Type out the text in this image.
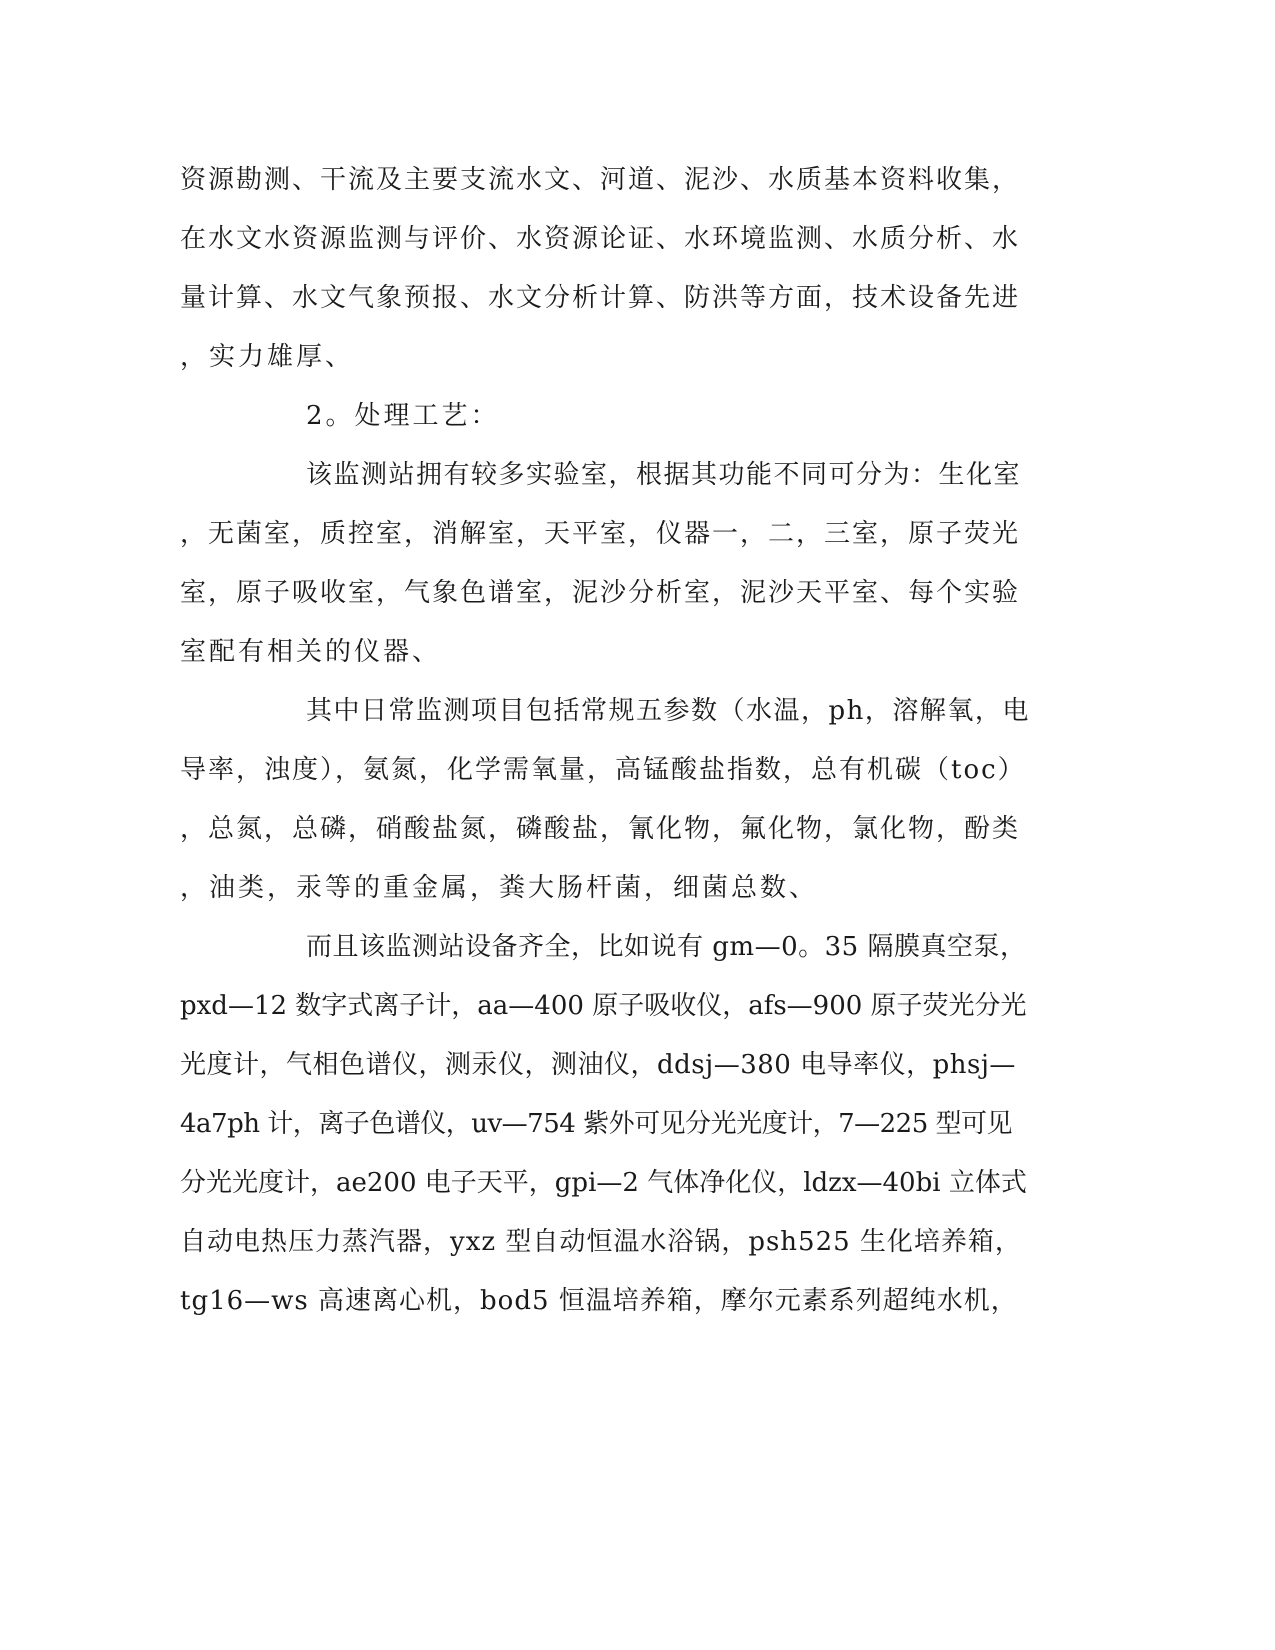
资源勘测、干流及主要支流水文、河道、泥沙、水质基本资料收集，

在水文水资源监测与评价、水资源论证、水环境监测、水质分析、水

量计算、水文气象预报、水文分析计算、防洪等方面，技术设备先进

，实力雄厚、

2。处理工艺：

该监测站拥有较多实验室，根据其功能不同可分为：生化室

，无菌室，质控室，消解室，天平室，仪器一，二，三室，原子荧光

室，原子吸收室，气象色谱室，泥沙分析室，泥沙天平室、每个实验

室配有相关的仪器、

其中日常监测项目包括常规五参数（水温，ph，溶解氧，电

导率，浊度），氨氮，化学需氧量，高锰酸盐指数，总有机碳（toc）

，总氮，总磷，硝酸盐氮，磷酸盐，氰化物，氟化物，氯化物，酚类

，油类，汞等的重金属，粪大肠杆菌，细菌总数、

而且该监测站设备齐全，比如说有 gm—0。35 隔膜真空泵，

pxd—12 数字式离子计，aa—400 原子吸收仪，afs—900 原子荧光分光

光度计，气相色谱仪，测汞仪，测油仪，ddsj—380 电导率仪，phsj—

4a7ph 计，离子色谱仪，uv—754 紫外可见分光光度计，7—225 型可见

分光光度计，ae200 电子天平，gpi—2 气体净化仪，ldzx—40bi 立体式

自动电热压力蒸汽器，yxz 型自动恒温水浴锅，psh525 生化培养箱，

tg16—ws 高速离心机，bod5 恒温培养箱，摩尔元素系列超纯水机，
